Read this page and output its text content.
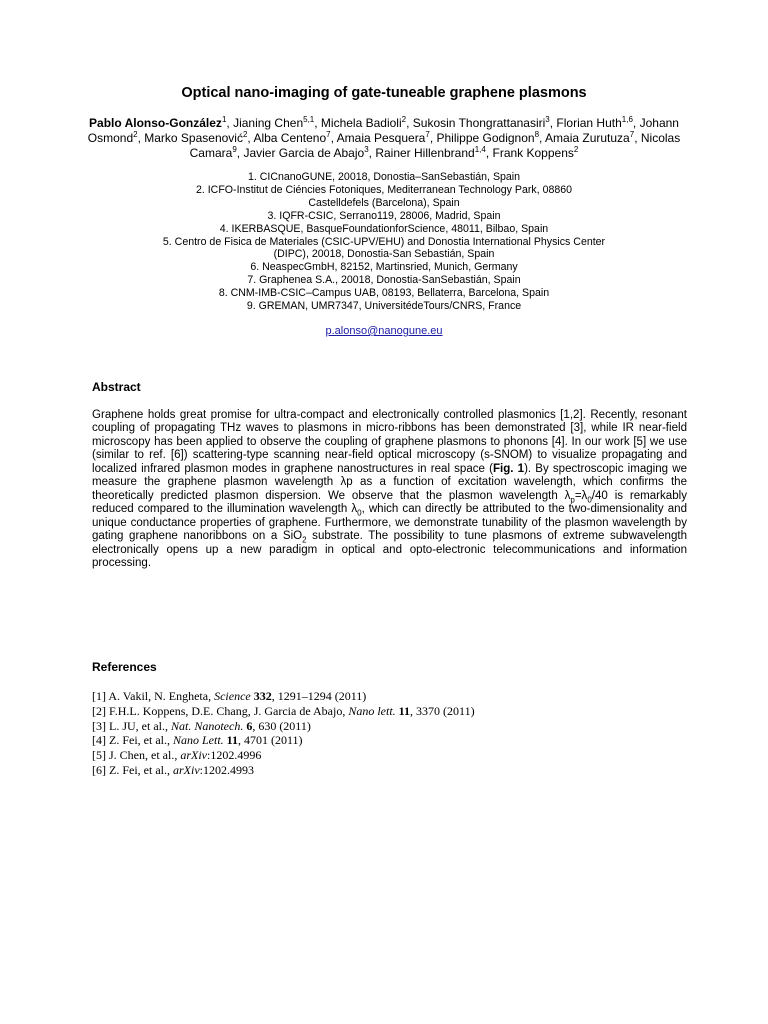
Optical nano-imaging of gate-tuneable graphene plasmons
Pablo Alonso-González$^1$, Jianing Chen$^{5,1}$, Michela Badioli$^2$, Sukosin Thongrattanasiri$^3$, Florian Huth$^{1,6}$, Johann Osmond$^2$, Marko Spasenović$^2$, Alba Centeno$^7$, Amaia Pesquera$^7$, Philippe Godignon$^8$, Amaia Zurutuza$^7$, Nicolas Camara$^9$, Javier Garcia de Abajo$^3$, Rainer Hillenbrand$^{1,4}$, Frank Koppens$^2$
1. CICnanoGUNE, 20018, Donostia–SanSebastián, Spain
2. ICFO-Institut de Ciéncies Fotoniques, Mediterranean Technology Park, 08860
Castelldefels (Barcelona), Spain
3. IQFR-CSIC, Serrano119, 28006, Madrid, Spain
4. IKERBASQUE, BasqueFoundationforScience, 48011, Bilbao, Spain
5. Centro de Fisica de Materiales (CSIC-UPV/EHU) and Donostia International Physics Center
(DIPC), 20018, Donostia-San Sebastián, Spain
6. NeaspecGmbH, 82152, Martinsried, Munich, Germany
7. Graphenea S.A., 20018, Donostia-SanSebastián, Spain
8. CNM-IMB-CSIC–Campus UAB, 08193, Bellaterra, Barcelona, Spain
9. GREMAN, UMR7347, UniversitédeTours/CNRS, France
p.alonso@nanogune.eu
Abstract

Graphene holds great promise for ultra-compact and electronically controlled plasmonics [1,2]. Recently, resonant coupling of propagating THz waves to plasmons in micro-ribbons has been demonstrated [3], while IR near-field microscopy has been applied to observe the coupling of graphene plasmons to phonons [4]. In our work [5] we use (similar to ref. [6]) scattering-type scanning near-field optical microscopy (s-SNOM) to visualize propagating and localized infrared plasmon modes in graphene nanostructures in real space (Fig. 1). By spectroscopic imaging we measure the graphene plasmon wavelength λp as a function of excitation wavelength, which confirms the theoretically predicted plasmon dispersion. We observe that the plasmon wavelength $\lambda_p=\lambda_0/40$ is remarkably reduced compared to the illumination wavelength $\lambda_0$, which can directly be attributed to the two-dimensionality and unique conductance properties of graphene. Furthermore, we demonstrate tunability of the plasmon wavelength by gating graphene nanoribbons on a SiO$_2$ substrate. The possibility to tune plasmons of extreme subwavelength electronically opens up a new paradigm in optical and opto-electronic telecommunications and information processing.

References
[1] A. Vakil, N. Engheta, Science 332, 1291–1294 (2011)
[2] F.H.L. Koppens, D.E. Chang, J. Garcia de Abajo, Nano lett. 11, 3370 (2011)
[3] L. JU, et al., Nat. Nanotech. 6, 630 (2011)
[4] Z. Fei, et al., Nano Lett. 11, 4701 (2011)
[5] J. Chen, et al., arXiv:1202.4996
[6] Z. Fei, et al., arXiv:1202.4993
